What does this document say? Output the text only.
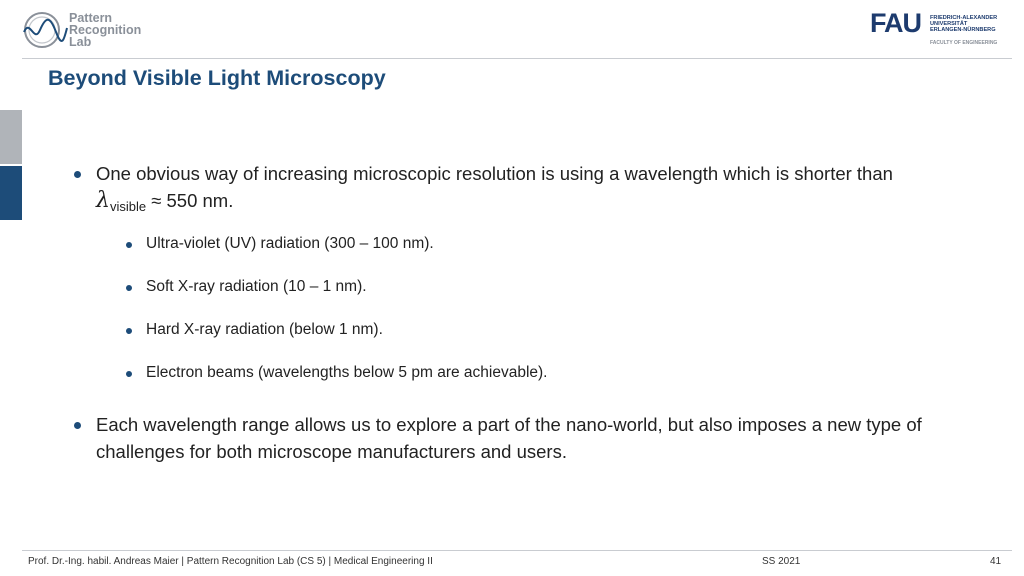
Pattern
Recognition
Lab
FAU FRIEDRICH-ALEXANDER
UNIVERSITÄT
ERLANGEN-NÜRNBERG
FACULTY OF ENGINEERING
Beyond Visible Light Microscopy
One obvious way of increasing microscopic resolution is using a wavelength which is shorter than
$\lambda_{visible} \approx 550$ nm.
Ultra-violet (UV) radiation (300 – 100 nm).
Soft X-ray radiation (10 – 1 nm).
Hard X-ray radiation (below 1 nm).
Electron beams (wavelengths below 5 pm are achievable).
Each wavelength range allows us to explore a part of the nano-world, but also imposes a new type of
challenges for both microscope manufacturers and users.
Prof. Dr.-Ing. habil. Andreas Maier | Pattern Recognition Lab (CS 5) | Medical Engineering II	SS 2021	41
